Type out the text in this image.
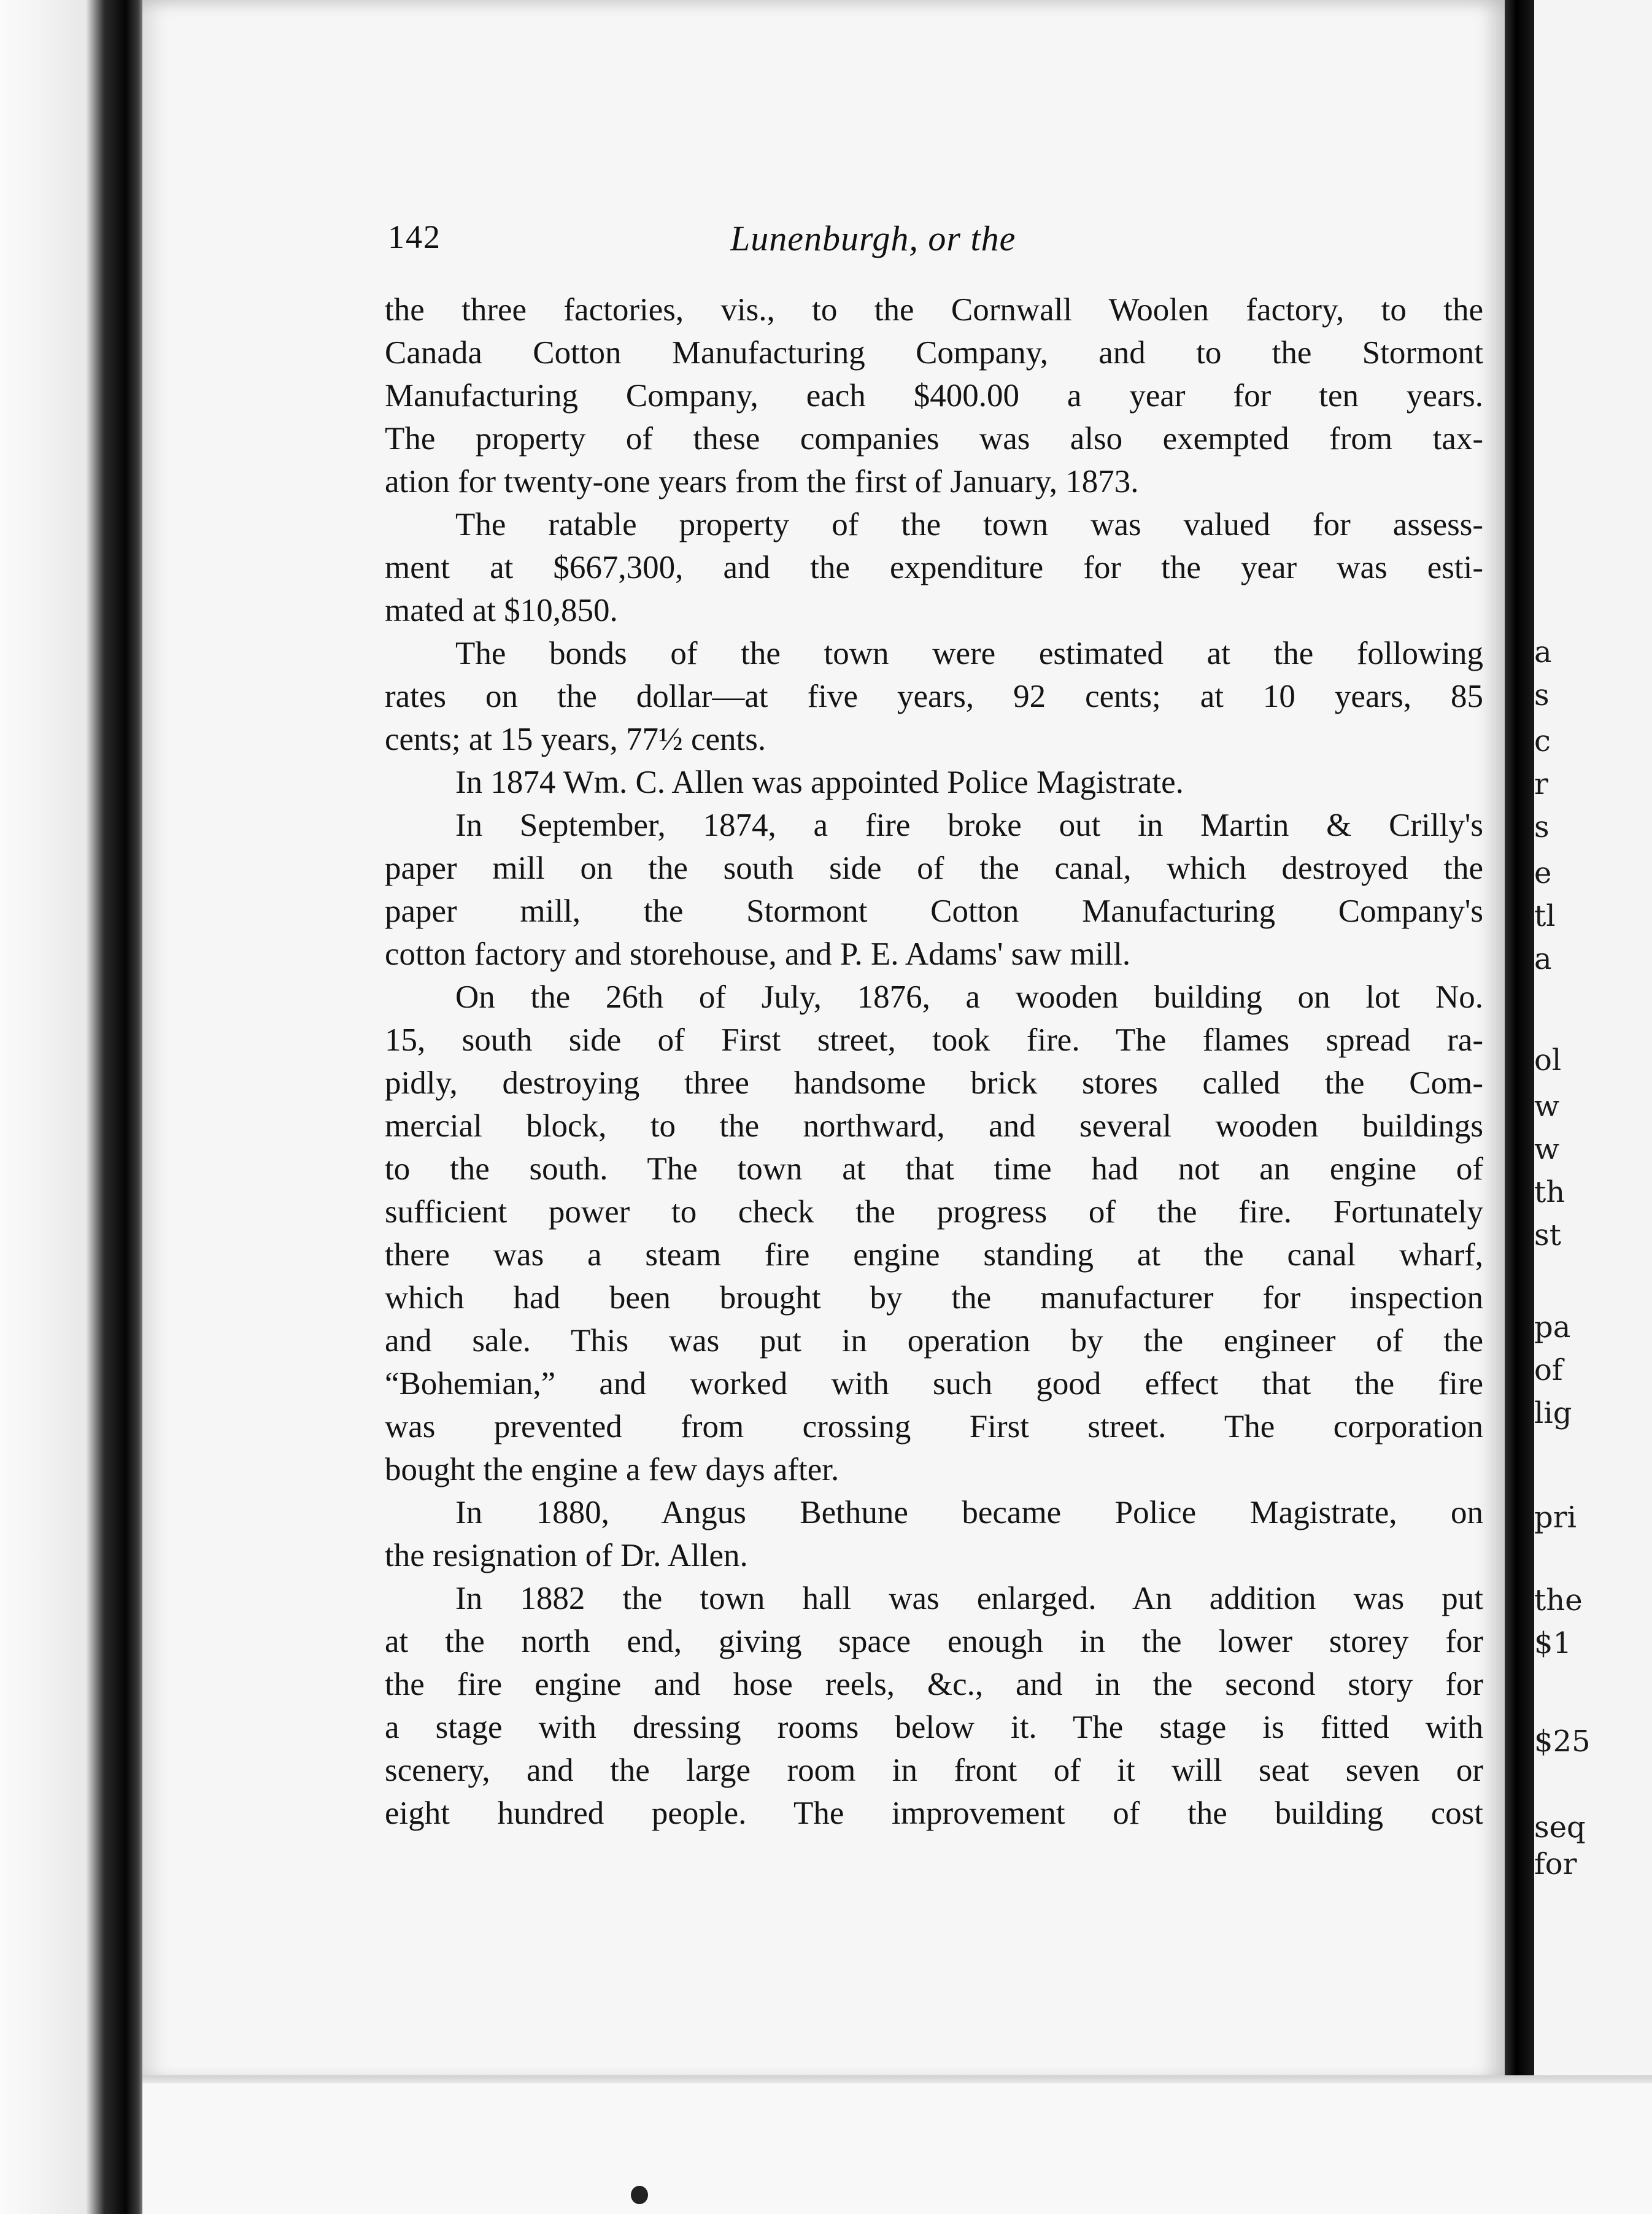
142	Lunenburgh, or the
the three factories, vis., to the Cornwall Woolen factory, to the
Canada Cotton Manufacturing Company, and to the Stormont
Manufacturing Company, each $400.00 a year for ten years.
The property of these companies was also exempted from tax-
ation for twenty-one years from the first of January, 1873.
The ratable property of the town was valued for assess-
ment at $667,300, and the expenditure for the year was esti-
mated at $10,850.
The bonds of the town were estimated at the following
rates on the dollar—at five years, 92 cents; at 10 years, 85
cents; at 15 years, 77½ cents.
In 1874 Wm. C. Allen was appointed Police Magistrate.
In September, 1874, a fire broke out in Martin & Crilly's
paper mill on the south side of the canal, which destroyed the
paper mill, the Stormont Cotton Manufacturing Company's
cotton factory and storehouse, and P. E. Adams' saw mill.
On the 26th of July, 1876, a wooden building on lot No.
15, south side of First street, took fire. The flames spread ra-
pidly, destroying three handsome brick stores called the Com-
mercial block, to the northward, and several wooden buildings
to the south. The town at that time had not an engine of
sufficient power to check the progress of the fire. Fortunately
there was a steam fire engine standing at the canal wharf,
which had been brought by the manufacturer for inspection
and sale. This was put in operation by the engineer of the
“Bohemian,” and worked with such good effect that the fire
was prevented from crossing First street. The corporation
bought the engine a few days after.
In 1880, Angus Bethune became Police Magistrate, on
the resignation of Dr. Allen.
In 1882 the town hall was enlarged. An addition was put
at the north end, giving space enough in the lower storey for
the fire engine and hose reels, &c., and in the second story for
a stage with dressing rooms below it. The stage is fitted with
scenery, and the large room in front of it will seat seven or
eight hundred people. The improvement of the building cost
a
s
c
r
s
e
tl
a
ol
w
w
th
st
pa
of
lig
pri
the
$1
$25
seq
for
